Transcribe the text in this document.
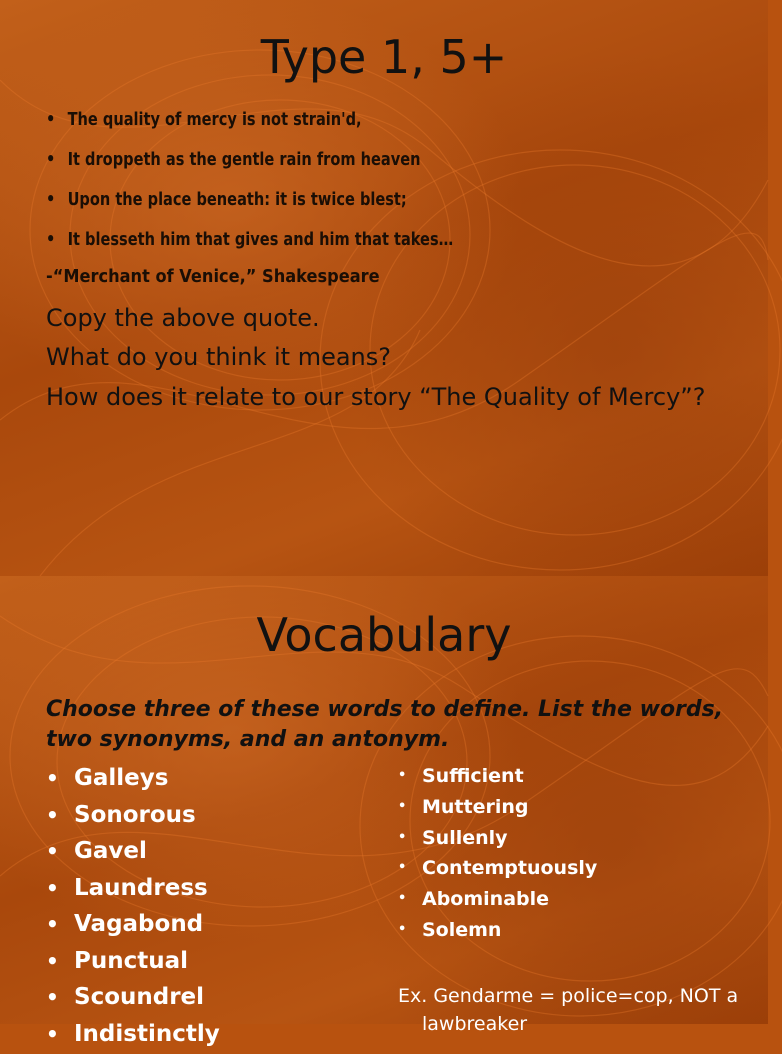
Type 1, 5+
• The quality of mercy is not strain'd,
• It droppeth as the gentle rain from heaven
• Upon the place beneath: it is twice blest;
• It blesseth him that gives and him that takes…

-“Merchant of Venice,” Shakespeare

Copy the above quote.

What do you think it means?

How does it relate to our story “The Quality of Mercy”?

Vocabulary

Choose three of these words to define. List the words, two synonyms, and an antonym.

• Galleys
• Sonorous
• Gavel
• Laundress
• Vagabond
• Punctual
• Scoundrel
• Indistinctly
• Sufficient
• Muttering
• Sullenly
• Contemptuously
• Abominable
• Solemn

Ex. Gendarme = police=cop, NOT a lawbreaker
